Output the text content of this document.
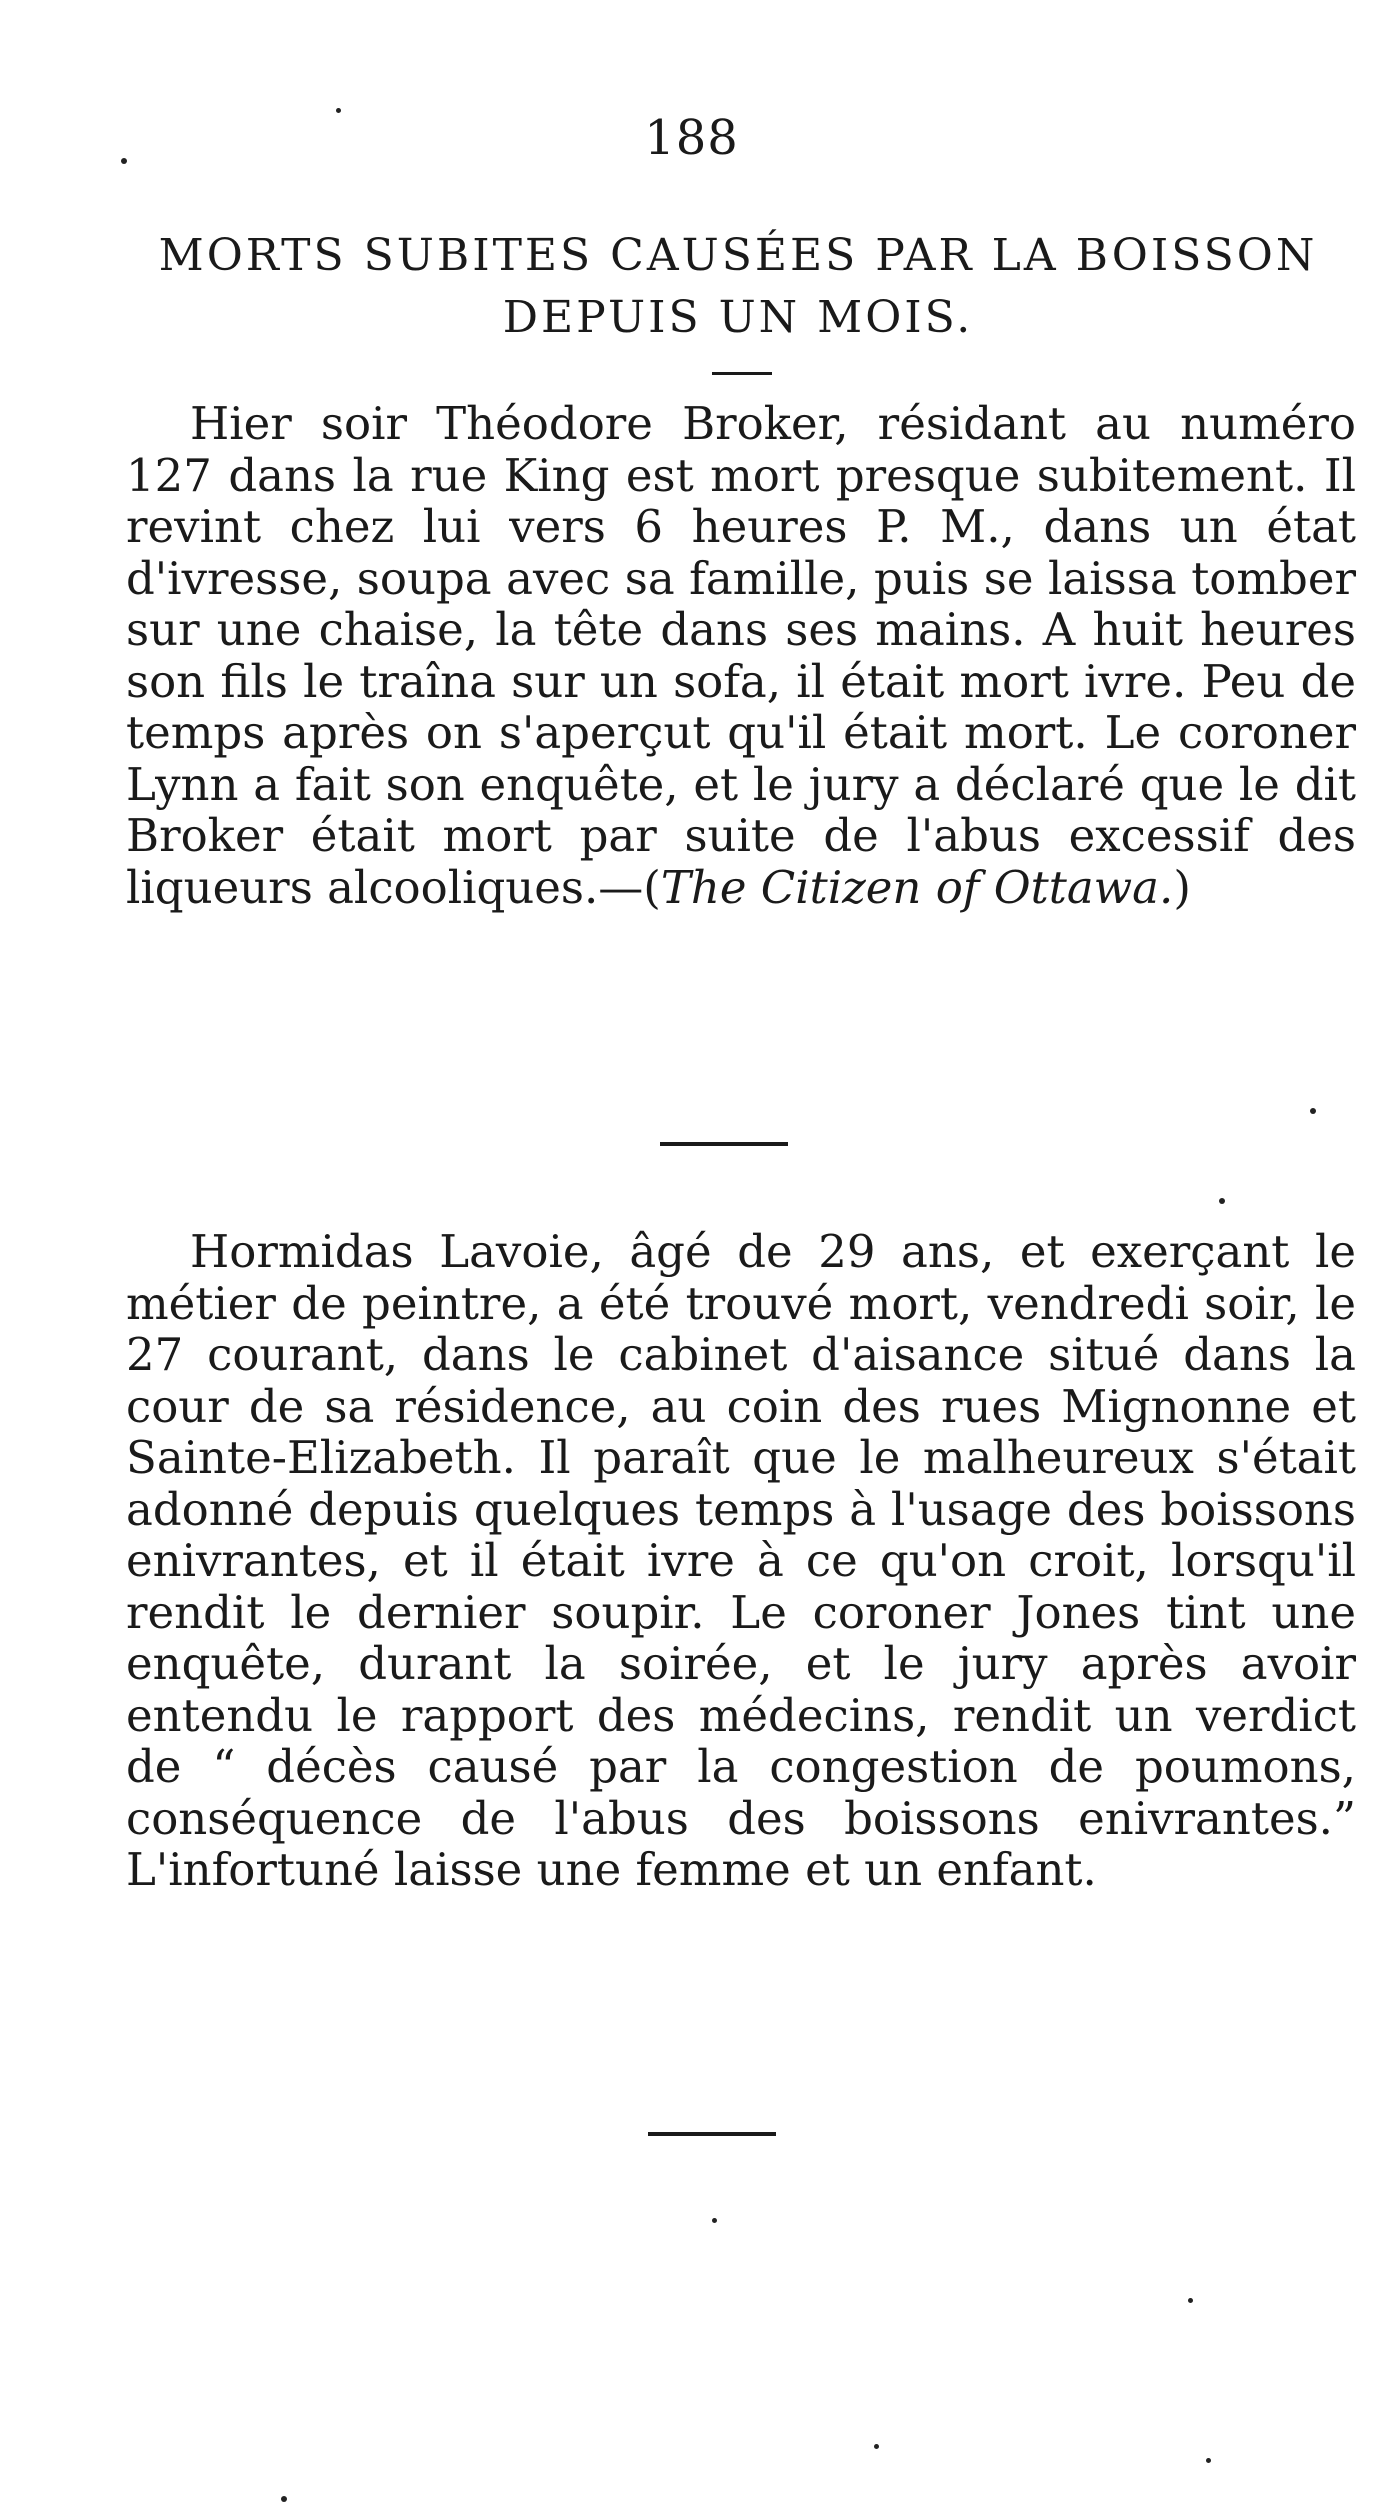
188
MORTS SUBITES CAUSÉES PAR LA BOISSON DEPUIS UN MOIS.

Hier soir Théodore Broker, résidant au numéro 127 dans la rue King est mort presque subitement. Il revint chez lui vers 6 heures P. M., dans un état d'ivresse, soupa avec sa famille, puis se laissa tomber sur une chaise, la tête dans ses mains. A huit heures son fils le traîna sur un sofa, il était mort ivre. Peu de temps après on s'aperçut qu'il était mort. Le coroner Lynn a fait son enquête, et le jury a déclaré que le dit Broker était mort par suite de l'abus excessif des liqueurs alcooliques.—(The Citizen of Ottawa.)

Hormidas Lavoie, âgé de 29 ans, et exerçant le métier de peintre, a été trouvé mort, vendredi soir, le 27 courant, dans le cabinet d'aisance situé dans la cour de sa résidence, au coin des rues Mignonne et Sainte-Elizabeth. Il paraît que le malheureux s'était adonné depuis quelques temps à l'usage des boissons enivrantes, et il était ivre à ce qu'on croit, lorsqu'il rendit le dernier soupir. Le coroner Jones tint une enquête, durant la soirée, et le jury après avoir entendu le rapport des médecins, rendit un verdict de “ décès causé par la congestion de poumons, conséquence de l'abus des boissons enivrantes.” L'infortuné laisse une femme et un enfant.
